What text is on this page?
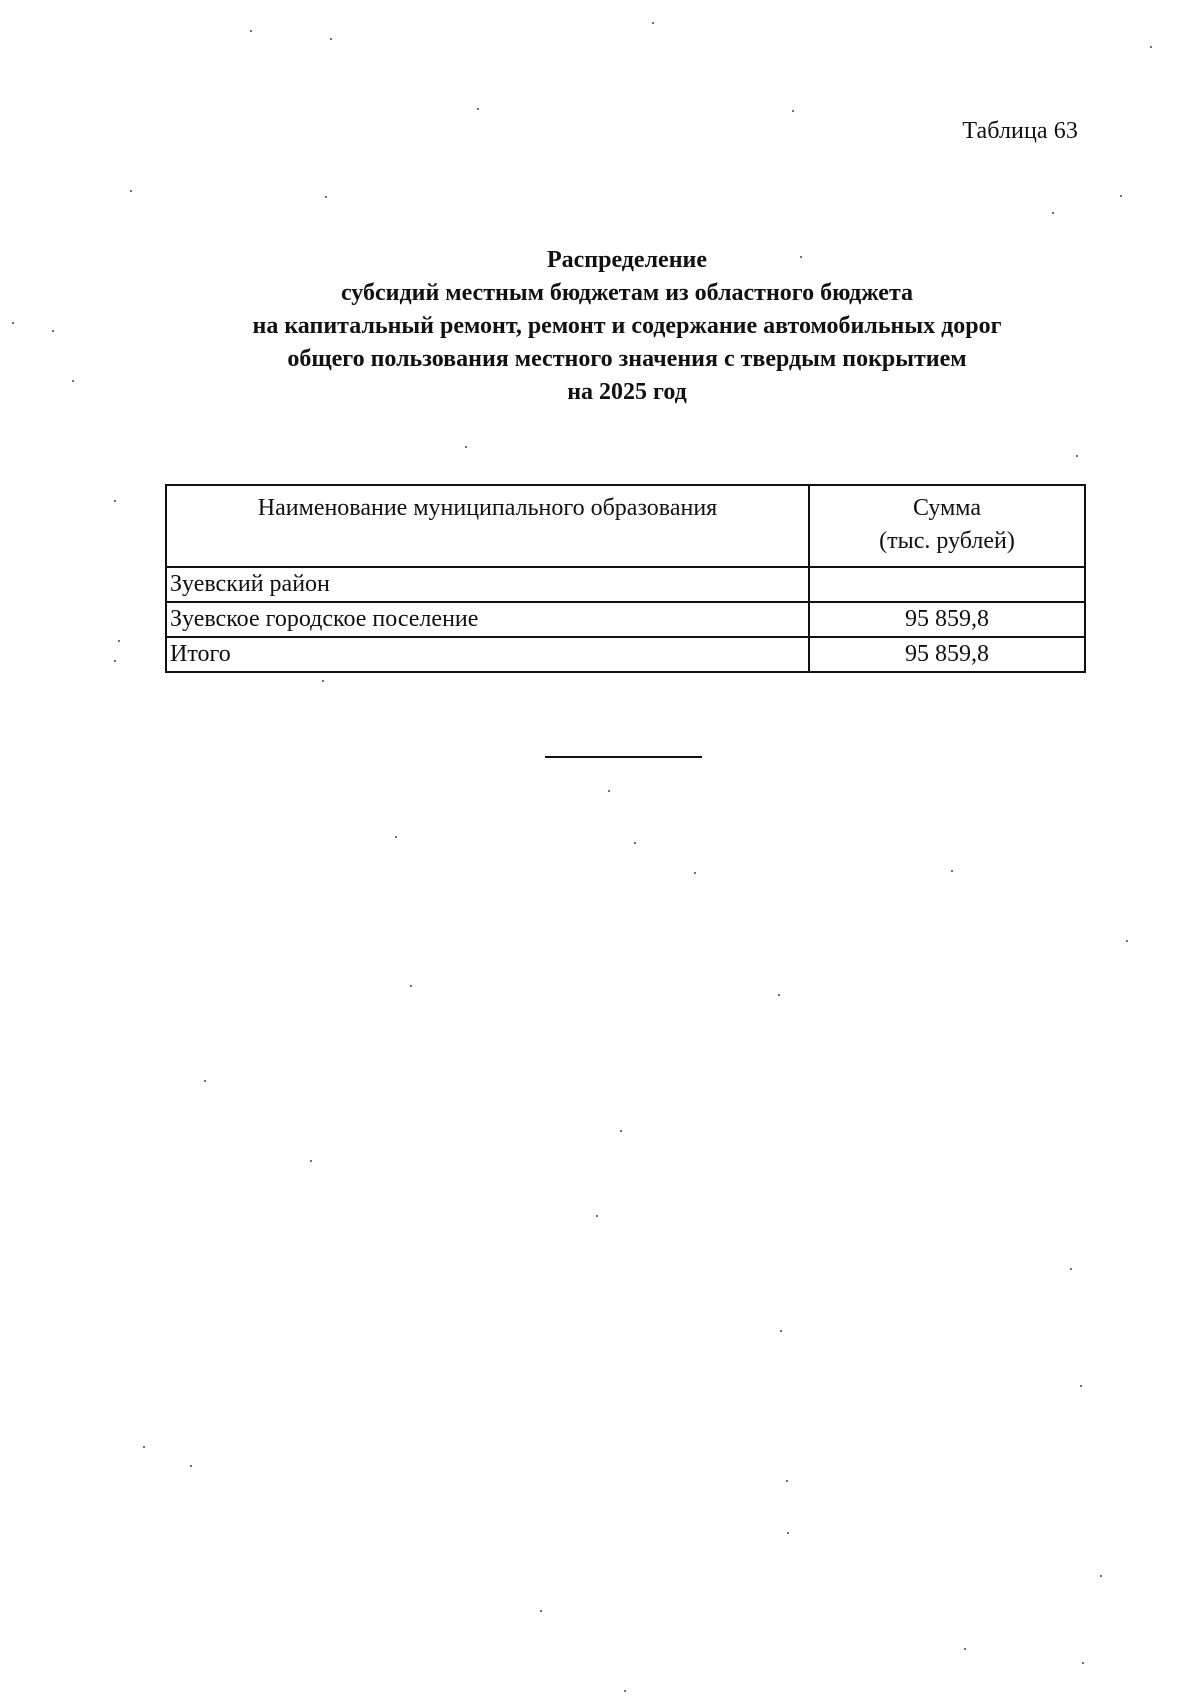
Таблица 63
Распределение
субсидий местным бюджетам из областного бюджета
на капитальный ремонт, ремонт и содержание автомобильных дорог
общего пользования местного значения с твердым покрытием
на 2025 год
Наименование муниципального образования	Сумма
(тыс. рублей)

Зуевский район	
Зуевское городское поселение	95 859,8
Итого	95 859,8
